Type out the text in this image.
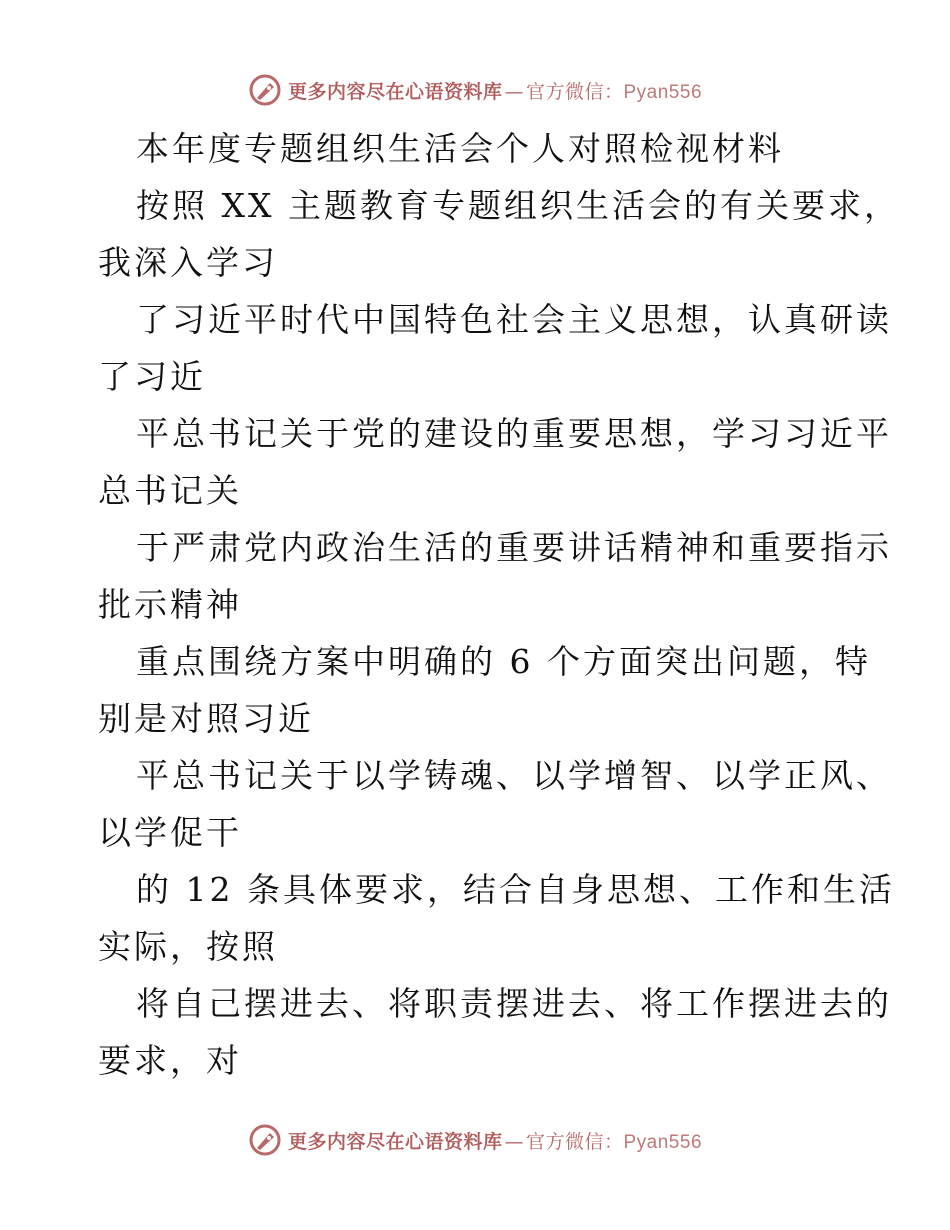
更多内容尽在心语资料库 — 官方微信：Pyan556
本年度专题组织生活会个人对照检视材料
按照 XX 主题教育专题组织生活会的有关要求，
我深入学习
了习近平时代中国特色社会主义思想，认真研读
了习近
平总书记关于党的建设的重要思想，学习习近平
总书记关
于严肃党内政治生活的重要讲话精神和重要指示
批示精神
重点围绕方案中明确的 6 个方面突出问题，特
别是对照习近
平总书记关于以学铸魂、以学增智、以学正风、
以学促干
的 12 条具体要求，结合自身思想、工作和生活
实际，按照
将自己摆进去、将职责摆进去、将工作摆进去的
要求，对
更多内容尽在心语资料库 — 官方微信：Pyan556
